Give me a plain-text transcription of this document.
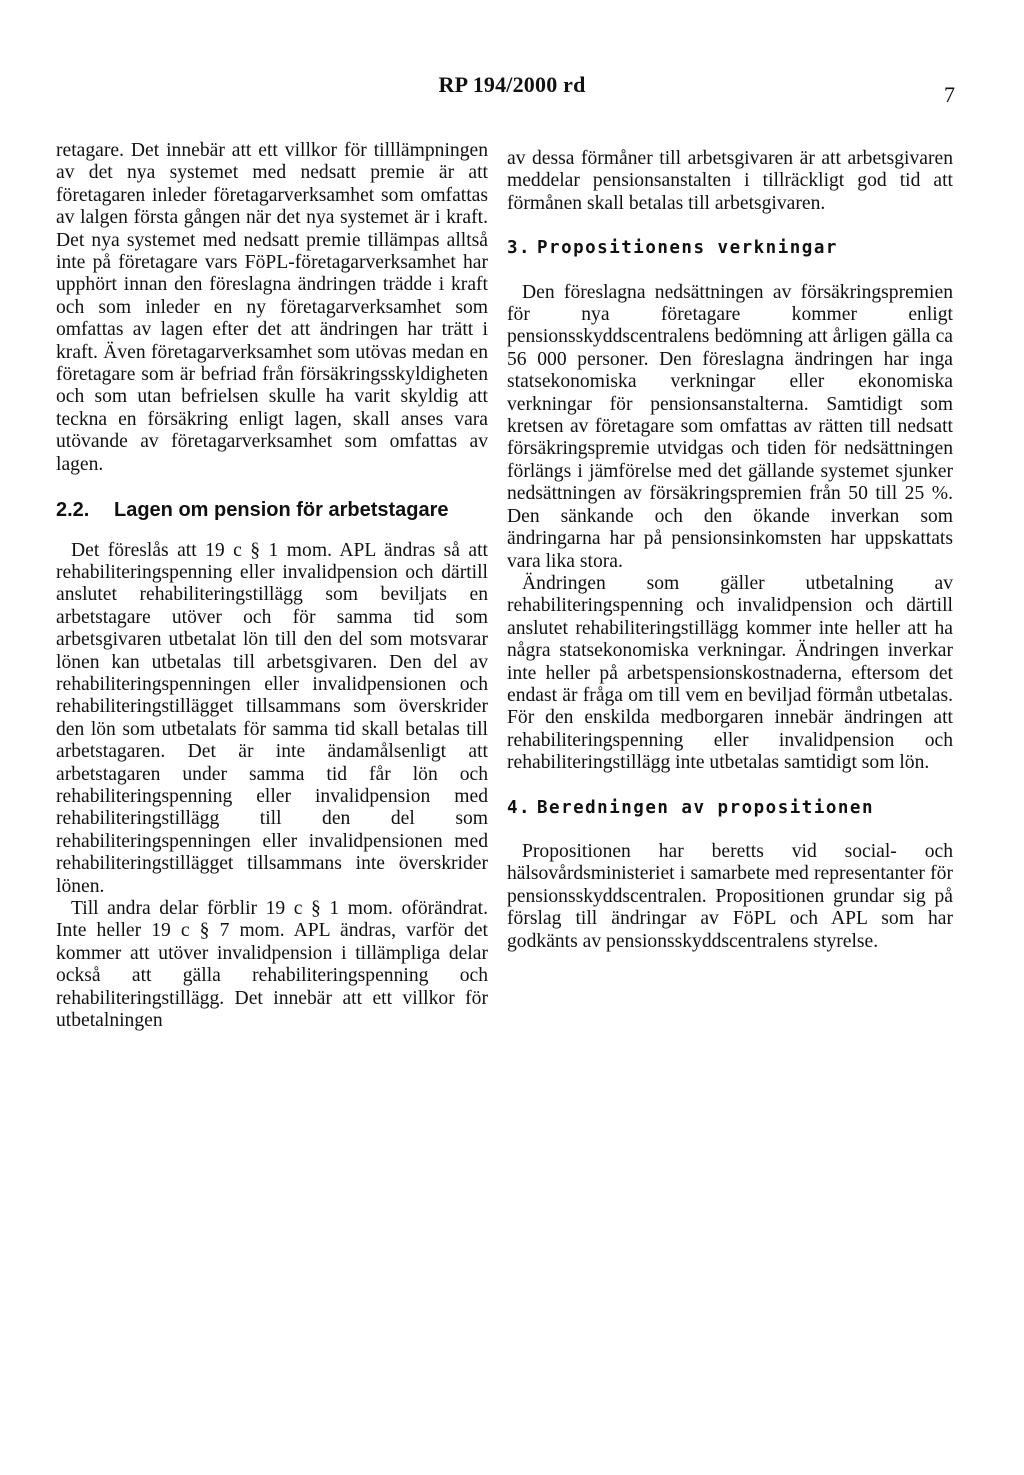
RP 194/2000 rd	7

retagare. Det innebär att ett villkor för tilllämpningen av det nya systemet med nedsatt premie är att företagaren inleder företagarverksamhet som omfattas av lalgen första gången när det nya systemet är i kraft. Det nya systemet med nedsatt premie tillämpas alltså inte på företagare vars FöPL-företagarverksamhet har upphört innan den föreslagna ändringen trädde i kraft och som inleder en ny företagarverksamhet som omfattas av lagen efter det att ändringen har trätt i kraft. Även företagarverksamhet som utövas medan en företagare som är befriad från försäkringsskyldigheten och som utan befrielsen skulle ha varit skyldig att teckna en försäkring enligt lagen, skall anses vara utövande av företagarverksamhet som omfattas av lagen.

2.2. Lagen om pension för arbetstagare

Det föreslås att 19 c § 1 mom. APL ändras så att rehabiliteringspenning eller invalidpension och därtill anslutet rehabiliteringstillägg som beviljats en arbetstagare utöver och för samma tid som arbetsgivaren utbetalat lön till den del som motsvarar lönen kan utbetalas till arbetsgivaren. Den del av rehabiliteringspenningen eller invalidpensionen och rehabiliteringstillägget tillsammans som överskrider den lön som utbetalats för samma tid skall betalas till arbetstagaren. Det är inte ändamålsenligt att arbetstagaren under samma tid får lön och rehabiliteringspenning eller invalidpension med rehabiliteringstillägg till den del som rehabiliteringspenningen eller invalidpensionen med rehabiliteringstillägget tillsammans inte överskrider lönen.

Till andra delar förblir 19 c § 1 mom. oförändrat. Inte heller 19 c § 7 mom. APL ändras, varför det kommer att utöver invalidpension i tillämpliga delar också att gälla rehabiliteringspenning och rehabiliteringstillägg. Det innebär att ett villkor för utbetalningen

av dessa förmåner till arbetsgivaren är att arbetsgivaren meddelar pensionsanstalten i tillräckligt god tid att förmånen skall betalas till arbetsgivaren.

3. Propositionens verkningar

Den föreslagna nedsättningen av försäkringspremien för nya företagare kommer enligt pensionsskyddscentralens bedömning att årligen gälla ca 56 000 personer. Den föreslagna ändringen har inga statsekonomiska verkningar eller ekonomiska verkningar för pensionsanstalterna. Samtidigt som kretsen av företagare som omfattas av rätten till nedsatt försäkringspremie utvidgas och tiden för nedsättningen förlängs i jämförelse med det gällande systemet sjunker nedsättningen av försäkringspremien från 50 till 25 %. Den sänkande och den ökande inverkan som ändringarna har på pensionsinkomsten har uppskattats vara lika stora.

Ändringen som gäller utbetalning av rehabiliteringspenning och invalidpension och därtill anslutet rehabiliteringstillägg kommer inte heller att ha några statsekonomiska verkningar. Ändringen inverkar inte heller på arbetspensionskostnaderna, eftersom det endast är fråga om till vem en beviljad förmån utbetalas. För den enskilda medborgaren innebär ändringen att rehabiliteringspenning eller invalidpension och rehabiliteringstillägg inte utbetalas samtidigt som lön.

4. Beredningen av propositionen

Propositionen har beretts vid social- och hälsovårdsministeriet i samarbete med representanter för pensionsskyddscentralen. Propositionen grundar sig på förslag till ändringar av FöPL och APL som har godkänts av pensionsskyddscentralens styrelse.
